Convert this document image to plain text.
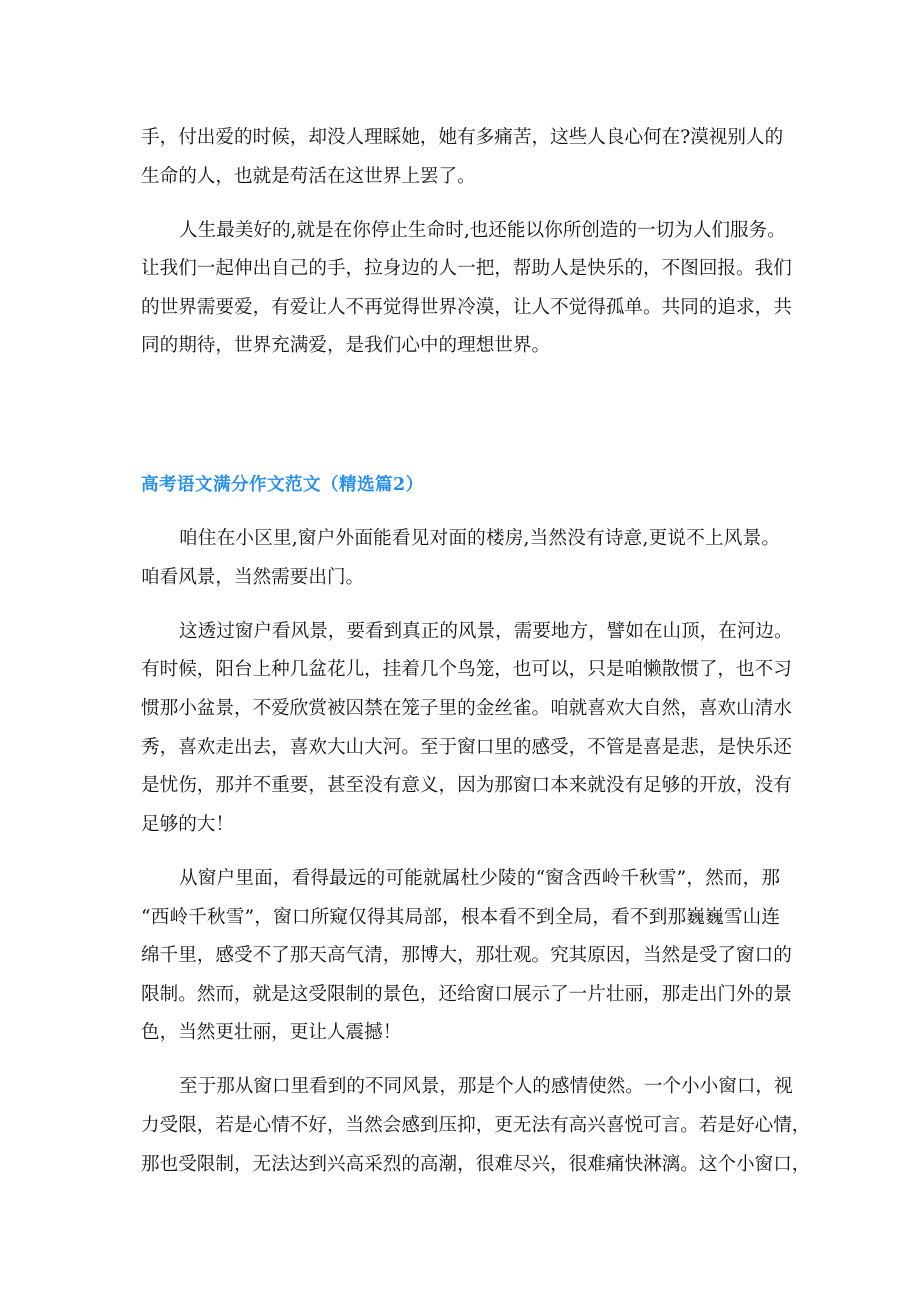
手，付出爱的时候，却没人理睬她，她有多痛苦，这些人良心何在?漠视别人的
生命的人，也就是苟活在这世界上罢了。
人生最美好的,就是在你停止生命时,也还能以你所创造的一切为人们服务。
让我们一起伸出自己的手，拉身边的人一把，帮助人是快乐的，不图回报。我们
的世界需要爱，有爱让人不再觉得世界冷漠，让人不觉得孤单。共同的追求，共
同的期待，世界充满爱，是我们心中的理想世界。
高考语文满分作文范文（精选篇2）
咱住在小区里,窗户外面能看见对面的楼房,当然没有诗意,更说不上风景。
咱看风景，当然需要出门。
这透过窗户看风景，要看到真正的风景，需要地方，譬如在山顶，在河边。
有时候，阳台上种几盆花儿，挂着几个鸟笼，也可以，只是咱懒散惯了，也不习
惯那小盆景，不爱欣赏被囚禁在笼子里的金丝雀。咱就喜欢大自然，喜欢山清水
秀，喜欢走出去，喜欢大山大河。至于窗口里的感受，不管是喜是悲，是快乐还
是忧伤，那并不重要，甚至没有意义，因为那窗口本来就没有足够的开放，没有
足够的大！
从窗户里面，看得最远的可能就属杜少陵的“窗含西岭千秋雪”，然而，那
“西岭千秋雪”，窗口所窥仅得其局部，根本看不到全局，看不到那巍巍雪山连
绵千里，感受不了那天高气清，那博大，那壮观。究其原因，当然是受了窗口的
限制。然而，就是这受限制的景色，还给窗口展示了一片壮丽，那走出门外的景
色，当然更壮丽，更让人震撼！
至于那从窗口里看到的不同风景，那是个人的感情使然。一个小小窗口，视
力受限，若是心情不好，当然会感到压抑，更无法有高兴喜悦可言。若是好心情，
那也受限制，无法达到兴高采烈的高潮，很难尽兴，很难痛快淋漓。这个小窗口，
